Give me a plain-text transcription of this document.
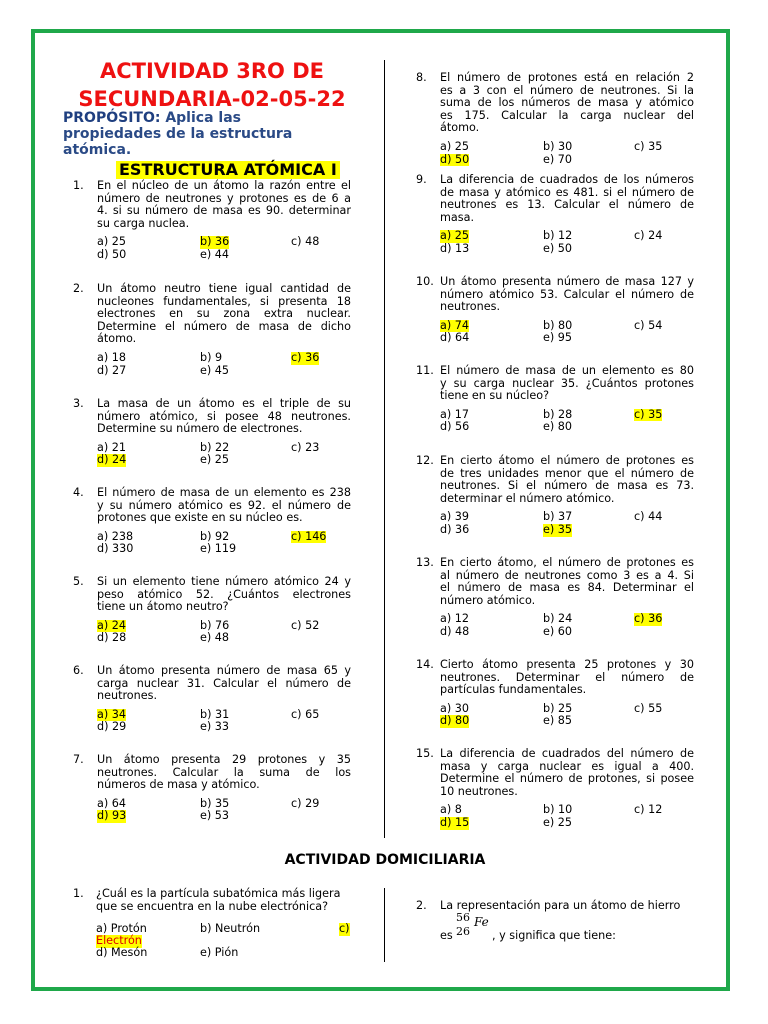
ACTIVIDAD 3RO DE
SECUNDARIA-02-05-22
PROPÓSITO: Aplica las
propiedades de la estructura
atómica.
ESTRUCTURA ATÓMICA I
1. En el núcleo de un átomo la razón entre el
número de neutrones y protones es de 6 a
4. si su número de masa es 90. determinar
su carga nuclea.
a) 25	b) 36	c) 48
d) 50	e) 44
2. Un átomo neutro tiene igual cantidad de
nucleones fundamentales, si presenta 18
electrones en su zona extra nuclear.
Determine el número de masa de dicho
átomo.
a) 18	b) 9	c) 36
d) 27	e) 45
3. La masa de un átomo es el triple de su
número atómico, si posee 48 neutrones.
Determine su número de electrones.
a) 21	b) 22	c) 23
d) 24	e) 25
4. El número de masa de un elemento es 238
y su número atómico es 92. el número de
protones que existe en su núcleo es.
a) 238	b) 92	c) 146
d) 330	e) 119
5. Si un elemento tiene número atómico 24 y
peso atómico 52. ¿Cuántos electrones
tiene un átomo neutro?
a) 24	b) 76	c) 52
d) 28	e) 48
6. Un átomo presenta número de masa 65 y
carga nuclear 31. Calcular el número de
neutrones.
a) 34	b) 31	c) 65
d) 29	e) 33
7. Un átomo presenta 29 protones y 35
neutrones. Calcular la suma de los
números de masa y atómico.
a) 64	b) 35	c) 29
d) 93	e) 53
8. El número de protones está en relación 2
es a 3 con el número de neutrones. Si la
suma de los números de masa y atómico
es 175. Calcular la carga nuclear del
átomo.
a) 25	b) 30	c) 35
d) 50	e) 70
9. La diferencia de cuadrados de los números
de masa y atómico es 481. si el número de
neutrones es 13. Calcular el número de
masa.
a) 25	b) 12	c) 24
d) 13	e) 50
10. Un átomo presenta número de masa 127 y
número atómico 53. Calcular el número de
neutrones.
a) 74	b) 80	c) 54
d) 64	e) 95
11. El número de masa de un elemento es 80
y su carga nuclear 35. ¿Cuántos protones
tiene en su núcleo?
a) 17	b) 28	c) 35
d) 56	e) 80
12. En cierto átomo el número de protones es
de tres unidades menor que el número de
neutrones. Si el número de masa es 73.
determinar el número atómico.
a) 39	b) 37	c) 44
d) 36	e) 35
13. En cierto átomo, el número de protones es
al número de neutrones como 3 es a 4. Si
el número de masa es 84. Determinar el
número atómico.
a) 12	b) 24	c) 36
d) 48	e) 60
14. Cierto átomo presenta 25 protones y 30
neutrones. Determinar el número de
partículas fundamentales.
a) 30	b) 25	c) 55
d) 80	e) 85
15. La diferencia de cuadrados del número de
masa y carga nuclear es igual a 400.
Determine el número de protones, si posee
10 neutrones.
a) 8	b) 10	c) 12
d) 15	e) 25
ACTIVIDAD DOMICILIARIA
1. ¿Cuál es la partícula subatómica más ligera
que se encuentra en la nube electrónica?
a) Protón	b) Neutrón	c)
Electrón
d) Mesón	e) Pión
2. La representación para un átomo de hierro
es
56
26
Fe
, y significa que tiene:
